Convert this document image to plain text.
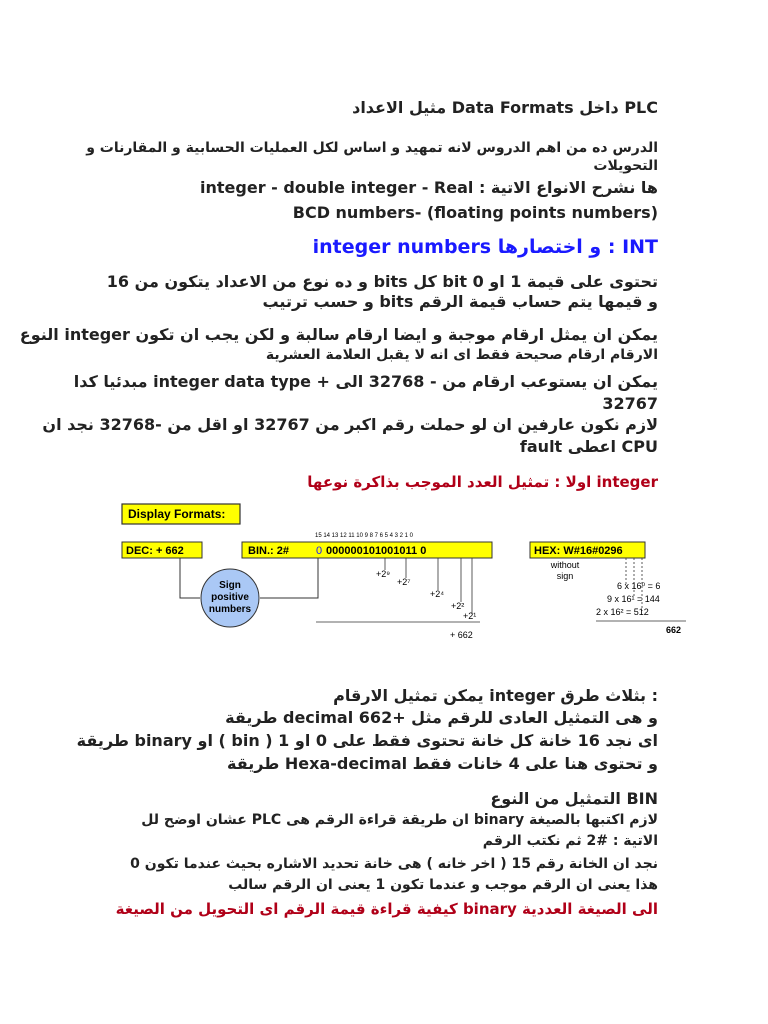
PLC داخل Data Formats مثيل الاعداد
الدرس ده من اهم الدروس لانه تمهيد و اساس لكل العمليات الحسابية و المقارنات و
التحويلات
ها نشرح الانواع الاتية : integer - double integer - Real
(floating points numbers) -BCD numbers
INT : و اختصارها integer numbers
تحتوى على قيمة 1 او 0 bit كل bits و ده نوع من الاعداد يتكون من 16
و قيمها يتم حساب قيمة الرقم bits و حسب ترتيب
يمكن ان يمثل ارقام موجبة و ايضا ارقام سالبة و لكن يجب ان تكون integer النوع
الارقام ارقام صحيحة فقط اى انه لا يقبل العلامة العشرية
يمكن ان يستوعب ارقام من - 32768 الى + integer data type مبدئيا كدا
32767
لازم نكون عارفين ان لو حملت رقم اكبر من 32767 او اقل من -32768 نجد ان
CPU اعطى fault
integer اولا : تمثيل العدد الموجب بذاكرة نوعها
Display Formats:
15 14 13 12 11 10 9 8 7 6 5 4 3 2 1 0
DEC: + 662	BIN.: 2# 0 000000101001011 0	HEX: W#16#0296
Sign
positive
numbers
+2⁹
+2⁷
+2⁴
+2²
+2¹
+ 662
without
sign
6 x 16⁰ = 6
9 x 16¹ = 144
2 x 16² = 512
662
: بثلاث طرق integer يمكن تمثيل الارقام
و هى التمثيل العادى للرقم مثل +662 decimal طريقة
اى نجد 16 خانة كل خانة تحتوى فقط على 0 او 1 ( bin ) او binary طريقة
و تحتوى هنا على 4 خانات فقط Hexa-decimal طريقة
BIN التمثيل من النوع
لازم اكتبها بالصيغة binary ان طريقة قراءة الرقم هى PLC عشان اوضح لل
الاتية : #2 ثم نكتب الرقم
نجد ان الخانة رقم 15 ( اخر خانه ) هى خانة تحديد الاشاره بحيث عندما تكون 0
هذا يعنى ان الرقم موجب و عندما تكون 1 يعنى ان الرقم سالب
الى الصيغة العددية binary كيفية قراءة قيمة الرقم اى التحويل من الصيغة
